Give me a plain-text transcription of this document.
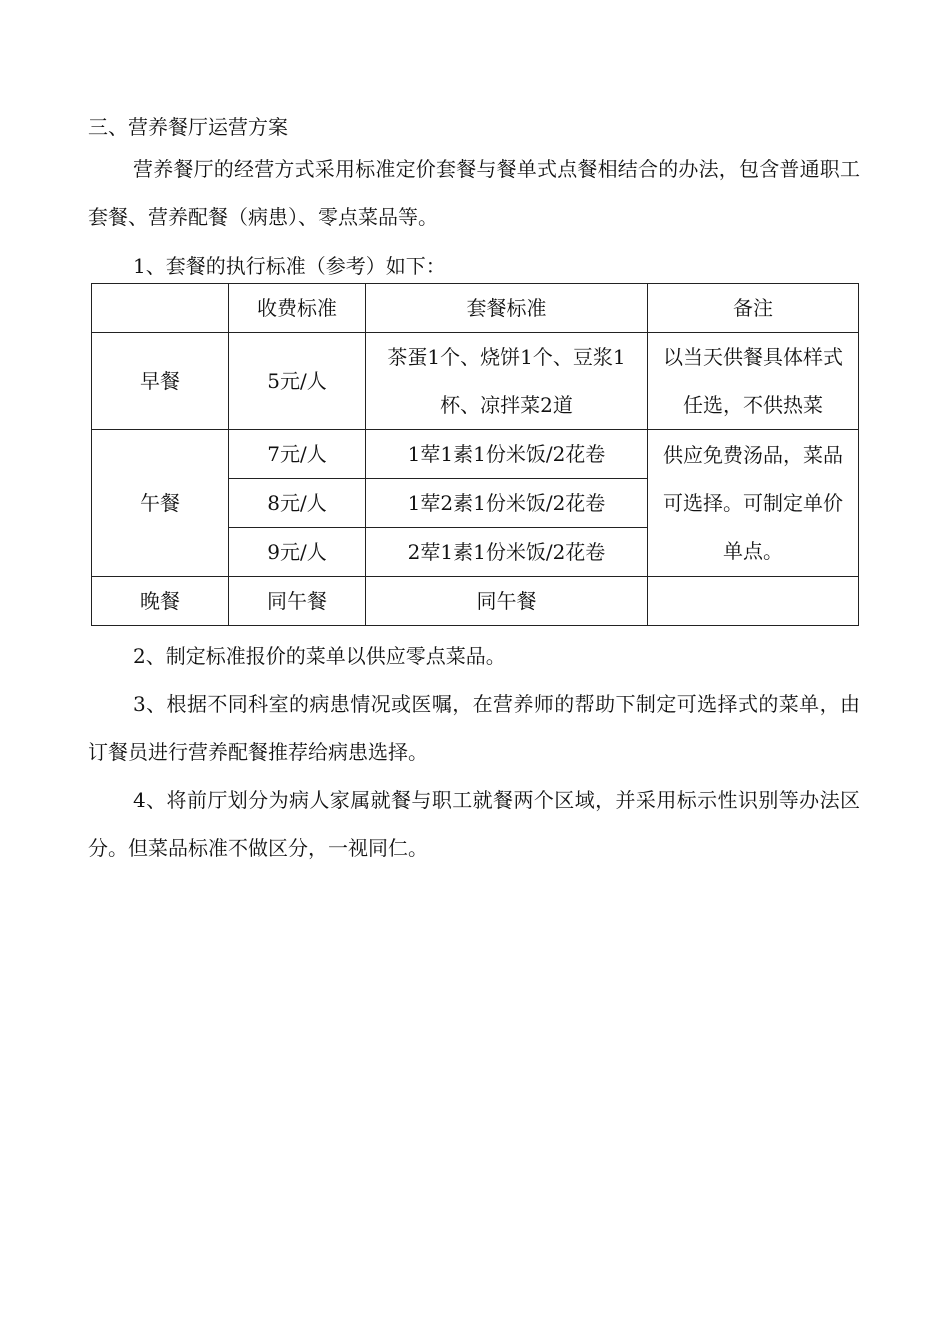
三、营养餐厅运营方案
营养餐厅的经营方式采用标准定价套餐与餐单式点餐相结合的办法，包含普通职工套餐、营养配餐（病患）、零点菜品等。
1、套餐的执行标准（参考）如下：
	收费标准	套餐标准	备注
早餐	5元/人	茶蛋1个、烧饼1个、豆浆1杯、凉拌菜2道	以当天供餐具体样式任选，不供热菜
午餐	7元/人	1荤1素1份米饭/2花卷	供应免费汤品，菜品可选择。可制定单价单点。
	8元/人	1荤2素1份米饭/2花卷	
	9元/人	2荤1素1份米饭/2花卷	
晚餐	同午餐	同午餐	
2、制定标准报价的菜单以供应零点菜品。
3、根据不同科室的病患情况或医嘱，在营养师的帮助下制定可选择式的菜单，由订餐员进行营养配餐推荐给病患选择。
4、将前厅划分为病人家属就餐与职工就餐两个区域，并采用标示性识别等办法区分。但菜品标准不做区分，一视同仁。
